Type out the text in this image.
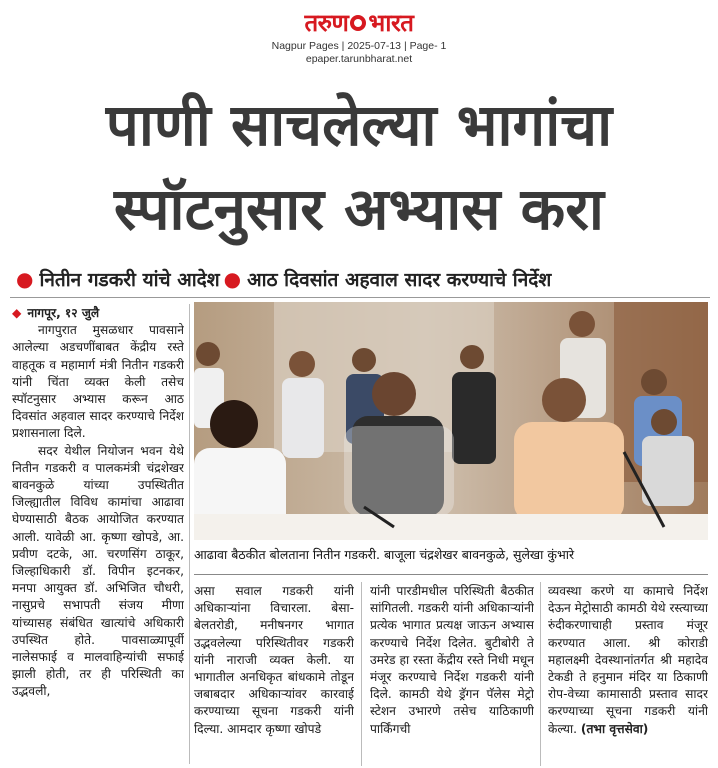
तरुण भारत
Nagpur Pages | 2025-07-13 | Page- 1
epaper.tarunbharat.net
पाणी साचलेल्या भागांचा
स्पॉटनुसार अभ्यास करा
● नितीन गडकरी यांचे आदेश ● आठ दिवसांत अहवाल सादर करण्याचे निर्देश

◆ नागपूर, १२ जुलै

नागपुरात मुसळधार पावसाने आलेल्या अडचणींबाबत केंद्रीय रस्ते वाहतूक व महामार्ग मंत्री नितीन गडकरी यांनी चिंता व्यक्त केली तसेच स्पॉटनुसार अभ्यास करून आठ दिवसांत अहवाल सादर करण्याचे निर्देश प्रशासनाला दिले.

सदर येथील नियोजन भवन येथे नितीन गडकरी व पालकमंत्री चंद्रशेखर बावनकुळे यांच्या उपस्थितीत जिल्ह्यातील विविध कामांचा आढावा घेण्यासाठी बैठक आयोजित करण्यात आली. यावेळी आ. कृष्णा खोपडे, आ. प्रवीण दटके, आ. चरणसिंग ठाकूर, जिल्हाधिकारी डॉ. विपीन इटनकर, मनपा आयुक्त डॉ. अभिजित चौधरी, नासुप्रचे सभापती संजय मीणा यांच्यासह संबंधित खात्यांचे अधिकारी उपस्थित होते. पावसाळ्यापूर्वी नालेसफाई व मालवाहिन्यांची सफाई झाली होती, तर ही परिस्थिती का उद्भवली,

आढावा बैठकीत बोलताना नितीन गडकरी. बाजूला चंद्रशेखर बावनकुळे, सुलेखा कुंभारे

असा सवाल गडकरी यांनी अधिकाऱ्यांना विचारला. बेसा-बेलतरोडी, मनीषनगर भागात उद्भवलेल्या परिस्थितीवर गडकरी यांनी नाराजी व्यक्त केली. या भागातील अनधिकृत बांधकामे तोडून जबाबदार अधिकाऱ्यांवर कारवाई करण्याच्या सूचना गडकरी यांनी दिल्या. आमदार कृष्णा खोपडे

यांनी पारडीमधील परिस्थिती बैठकीत सांगितली. गडकरी यांनी अधिकाऱ्यांनी प्रत्येक भागात प्रत्यक्ष जाऊन अभ्यास करण्याचे निर्देश दिलेत. बुटीबोरी ते उमरेड हा रस्ता केंद्रीय रस्ते निधी मधून मंजूर करण्याचे निर्देश गडकरी यांनी दिले. कामठी येथे ड्रॅगन पॅलेस मेट्रो स्टेशन उभारणे तसेच याठिकाणी पार्किंगची

व्यवस्था करणे या कामाचे निर्देश देऊन मेट्रोसाठी कामठी येथे रस्त्याच्या रुंदीकरणाचाही प्रस्ताव मंजूर करण्यात आला. श्री कोराडी महालक्ष्मी देवस्थानांतर्गत श्री महादेव टेकडी ते हनुमान मंदिर या ठिकाणी रोप-वेच्या कामासाठी प्रस्ताव सादर करण्याच्या सूचना गडकरी यांनी केल्या. (तभा वृत्तसेवा)
